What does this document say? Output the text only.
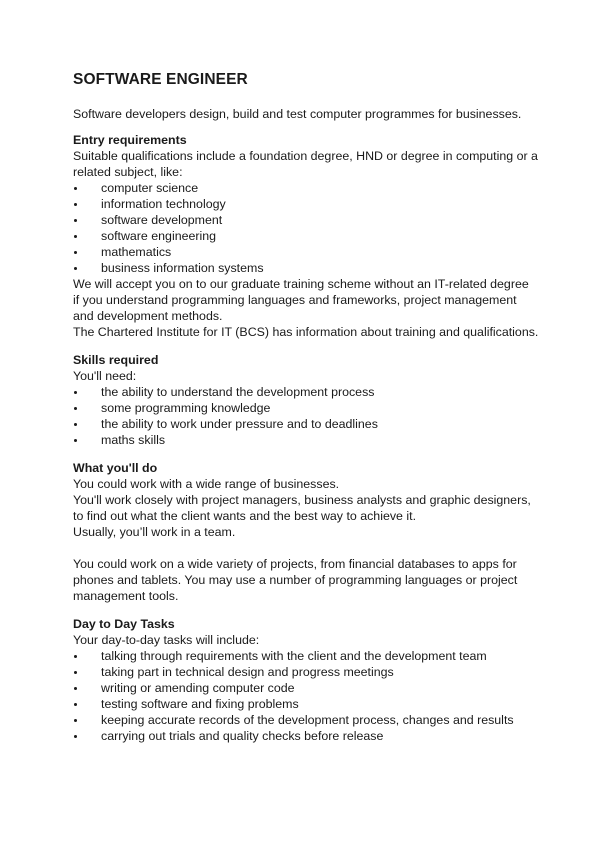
SOFTWARE ENGINEER

Software developers design, build and test computer programmes for businesses.

Entry requirements

Suitable qualifications include a foundation degree, HND or degree in computing or a

related subject, like:

computer science
information technology
software development
software engineering
mathematics
business information systems

We will accept you on to our graduate training scheme without an IT-related degree

if you understand programming languages and frameworks, project management

and development methods.

The Chartered Institute for IT (BCS) has information about training and qualifications.

Skills required

You'll need:

the ability to understand the development process
some programming knowledge
the ability to work under pressure and to deadlines
maths skills
What you'll do

You could work with a wide range of businesses.

You'll work closely with project managers, business analysts and graphic designers,

to find out what the client wants and the best way to achieve it.

Usually, you’ll work in a team.

You could work on a wide variety of projects, from financial databases to apps for

phones and tablets. You may use a number of programming languages or project

management tools.

Day to Day Tasks

Your day-to-day tasks will include:

talking through requirements with the client and the development team
taking part in technical design and progress meetings
writing or amending computer code
testing software and fixing problems
keeping accurate records of the development process, changes and results
carrying out trials and quality checks before release
